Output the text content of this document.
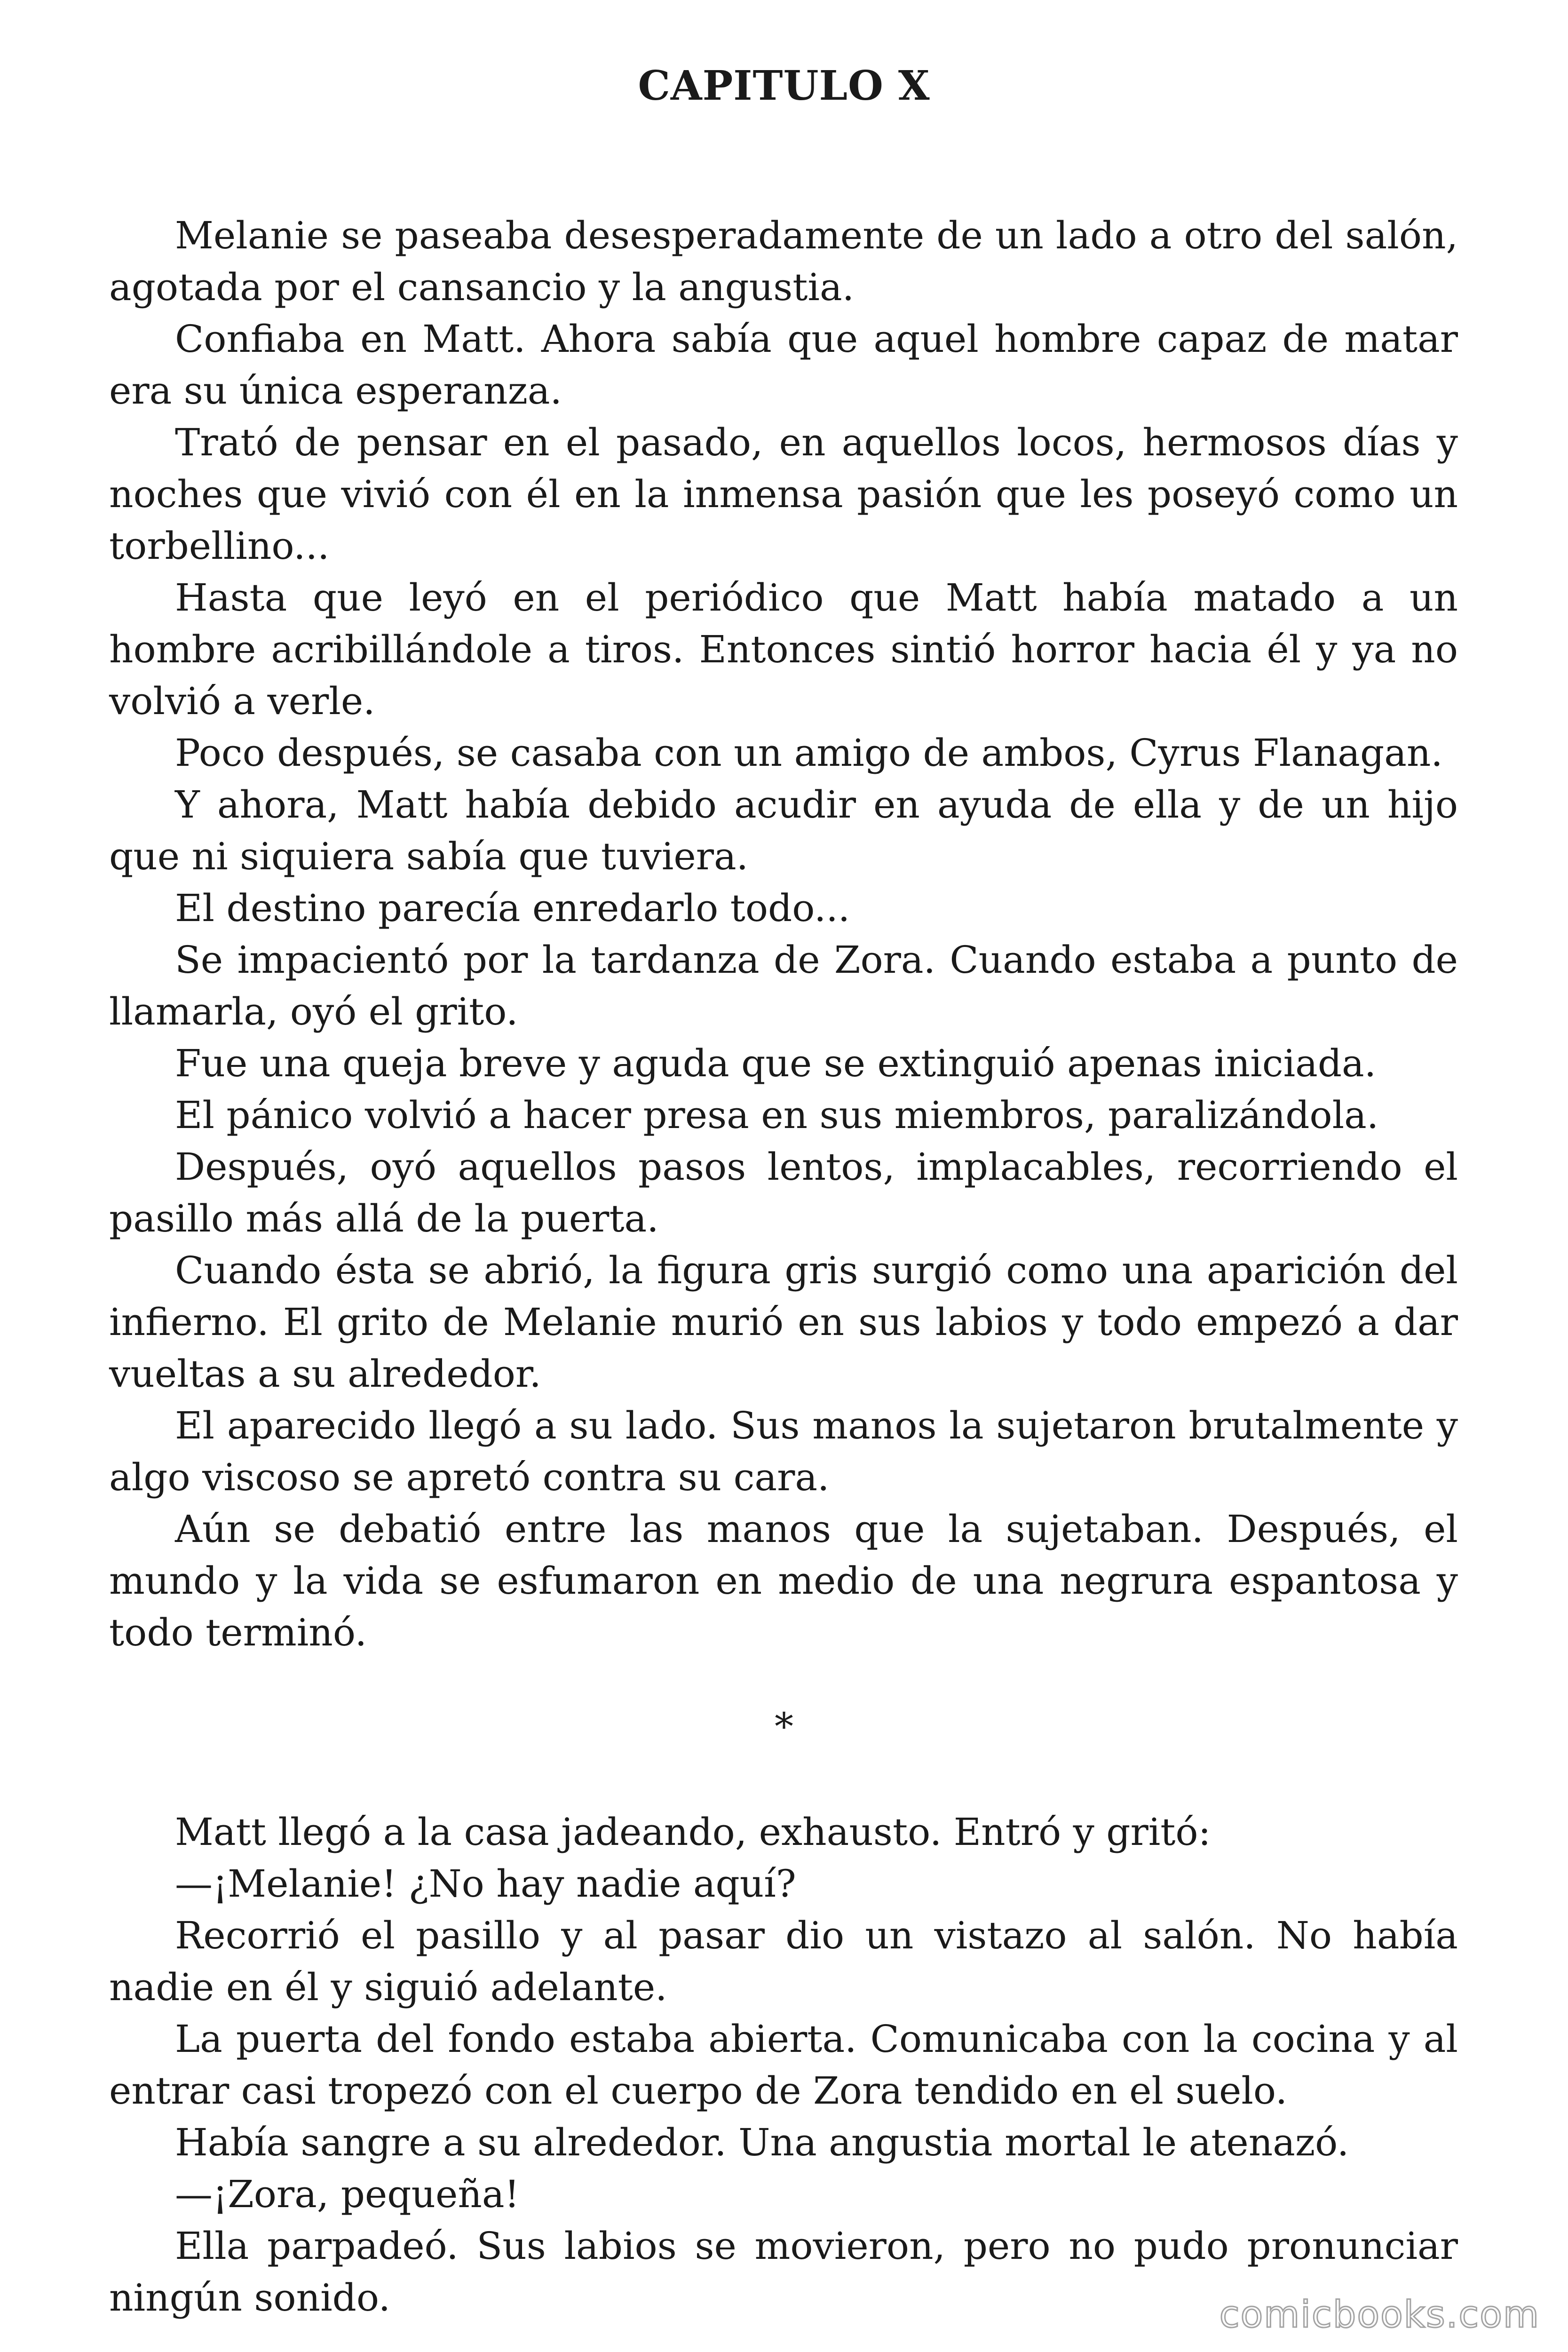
CAPITULO X

Melanie se paseaba desesperadamente de un lado a otro del salón, agotada por el cansancio y la angustia.

Confiaba en Matt. Ahora sabía que aquel hombre capaz de matar era su única esperanza.

Trató de pensar en el pasado, en aquellos locos, hermosos días y noches que vivió con él en la inmensa pasión que les poseyó como un torbellino...

Hasta que leyó en el periódico que Matt había matado a un hombre acribillándole a tiros. Entonces sintió horror hacia él y ya no volvió a verle.

Poco después, se casaba con un amigo de ambos, Cyrus Flanagan.

Y ahora, Matt había debido acudir en ayuda de ella y de un hijo que ni siquiera sabía que tuviera.

El destino parecía enredarlo todo...

Se impacientó por la tardanza de Zora. Cuando estaba a punto de llamarla, oyó el grito.

Fue una queja breve y aguda que se extinguió apenas iniciada.

El pánico volvió a hacer presa en sus miembros, paralizándola.

Después, oyó aquellos pasos lentos, implacables, recorriendo el pasillo más allá de la puerta.

Cuando ésta se abrió, la figura gris surgió como una aparición del infierno. El grito de Melanie murió en sus labios y todo empezó a dar vueltas a su alrededor.

El aparecido llegó a su lado. Sus manos la sujetaron brutalmente y algo viscoso se apretó contra su cara.

Aún se debatió entre las manos que la sujetaban. Después, el mundo y la vida se esfumaron en medio de una negrura espantosa y todo terminó.

*

Matt llegó a la casa jadeando, exhausto. Entró y gritó:

—¡Melanie! ¿No hay nadie aquí?

Recorrió el pasillo y al pasar dio un vistazo al salón. No había nadie en él y siguió adelante.

La puerta del fondo estaba abierta. Comunicaba con la cocina y al entrar casi tropezó con el cuerpo de Zora tendido en el suelo.

Había sangre a su alrededor. Una angustia mortal le atenazó.

—¡Zora, pequeña!

Ella parpadeó. Sus labios se movieron, pero no pudo pronunciar ningún sonido.	comicbooks.com
